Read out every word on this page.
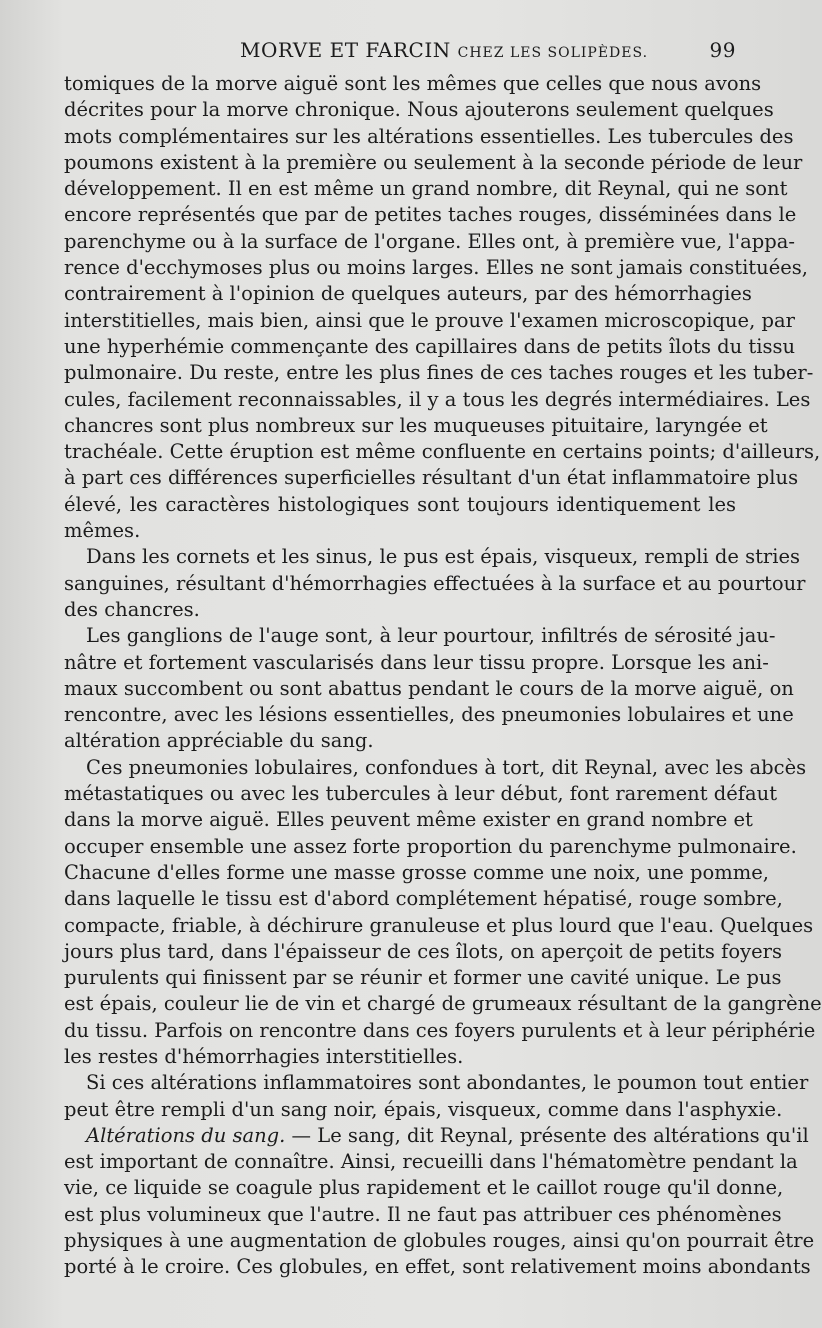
MORVE ET FARCIN CHEZ LES SOLIPÈDES.	99
tomiques de la morve aiguë sont les mêmes que celles que nous avons
décrites pour la morve chronique. Nous ajouterons seulement quelques
mots complémentaires sur les altérations essentielles. Les tubercules des
poumons existent à la première ou seulement à la seconde période de leur
développement. Il en est même un grand nombre, dit Reynal, qui ne sont
encore représentés que par de petites taches rouges, disséminées dans le
parenchyme ou à la surface de l'organe. Elles ont, à première vue, l'appa-
rence d'ecchymoses plus ou moins larges. Elles ne sont jamais constituées,
contrairement à l'opinion de quelques auteurs, par des hémorrhagies
interstitielles, mais bien, ainsi que le prouve l'examen microscopique, par
une hyperhémie commençante des capillaires dans de petits îlots du tissu
pulmonaire. Du reste, entre les plus fines de ces taches rouges et les tuber-
cules, facilement reconnaissables, il y a tous les degrés intermédiaires. Les
chancres sont plus nombreux sur les muqueuses pituitaire, laryngée et
trachéale. Cette éruption est même confluente en certains points; d'ailleurs,
à part ces différences superficielles résultant d'un état inflammatoire plus
élevé, les caractères histologiques sont toujours identiquement les
mêmes.
Dans les cornets et les sinus, le pus est épais, visqueux, rempli de stries
sanguines, résultant d'hémorrhagies effectuées à la surface et au pourtour
des chancres.
Les ganglions de l'auge sont, à leur pourtour, infiltrés de sérosité jau-
nâtre et fortement vascularisés dans leur tissu propre. Lorsque les ani-
maux succombent ou sont abattus pendant le cours de la morve aiguë, on
rencontre, avec les lésions essentielles, des pneumonies lobulaires et une
altération appréciable du sang.
Ces pneumonies lobulaires, confondues à tort, dit Reynal, avec les abcès
métastatiques ou avec les tubercules à leur début, font rarement défaut
dans la morve aiguë. Elles peuvent même exister en grand nombre et
occuper ensemble une assez forte proportion du parenchyme pulmonaire.
Chacune d'elles forme une masse grosse comme une noix, une pomme,
dans laquelle le tissu est d'abord complétement hépatisé, rouge sombre,
compacte, friable, à déchirure granuleuse et plus lourd que l'eau. Quelques
jours plus tard, dans l'épaisseur de ces îlots, on aperçoit de petits foyers
purulents qui finissent par se réunir et former une cavité unique. Le pus
est épais, couleur lie de vin et chargé de grumeaux résultant de la gangrène
du tissu. Parfois on rencontre dans ces foyers purulents et à leur périphérie
les restes d'hémorrhagies interstitielles.
Si ces altérations inflammatoires sont abondantes, le poumon tout entier
peut être rempli d'un sang noir, épais, visqueux, comme dans l'asphyxie.
Altérations du sang. — Le sang, dit Reynal, présente des altérations qu'il
est important de connaître. Ainsi, recueilli dans l'hématomètre pendant la
vie, ce liquide se coagule plus rapidement et le caillot rouge qu'il donne,
est plus volumineux que l'autre. Il ne faut pas attribuer ces phénomènes
physiques à une augmentation de globules rouges, ainsi qu'on pourrait être
porté à le croire. Ces globules, en effet, sont relativement moins abondants
